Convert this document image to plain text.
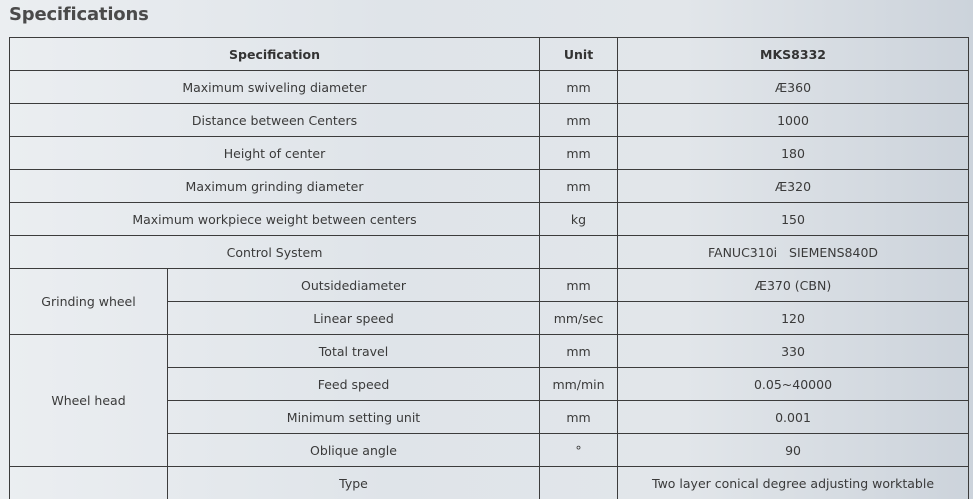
Specifications
Specification		Unit	MKS8332
Maximum swiveling diameter		mm	Æ360
Distance between Centers		mm	1000
Height of center		mm	180
Maximum grinding diameter		mm	Æ320
Maximum workpiece weight between centers		kg	150
Control System			FANUC310i   SIEMENS840D
Grinding wheel	Outsidediameter	mm	Æ370 (CBN)
	Linear speed	mm/sec	120
Wheel head	Total travel	mm	330
	Feed speed	mm/min	0.05~40000
	Minimum setting unit	mm	0.001
	Oblique angle	°	90
	Type		Two layer conical degree adjusting worktable
